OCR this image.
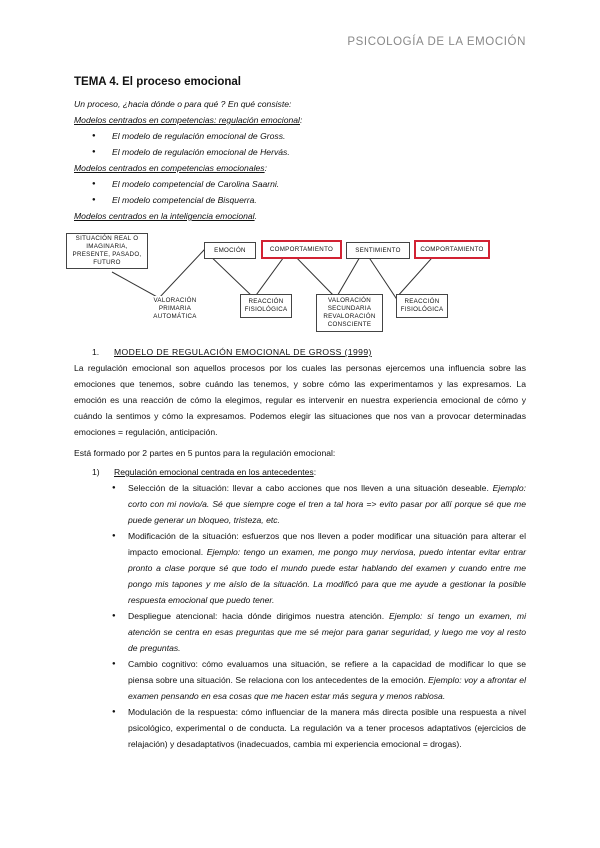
PSICOLOGÍA DE LA EMOCIÓN
TEMA 4. El proceso emocional
Un proceso, ¿hacia dónde o para qué ? En qué consiste:
Modelos centrados en competencias: regulación emocional:
● El modelo de regulación emocional de Gross.
● El modelo de regulación emocional de Hervás.
Modelos centrados en competencias emocionales:
● El modelo competencial de Carolina Saarni.
● El modelo competencial de Bisquerra.
Modelos centrados en la inteligencia emocional.
SITUACIÓN REAL O IMAGINARIA, PRESENTE, PASADO, FUTURO
EMOCIÓN	COMPORTAMIENTO	SENTIMIENTO	COMPORTAMIENTO
VALORACIÓN PRIMARIA AUTOMÁTICA
REACCIÓN FISIOLÓGICA
VALORACIÓN SECUNDARIA REVALORACIÓN CONSCIENTE
REACCIÓN FISIOLÓGICA
1. MODELO DE REGULACIÓN EMOCIONAL DE GROSS (1999)

La regulación emocional son aquellos procesos por los cuales las personas ejercemos una influencia sobre las emociones que tenemos, sobre cuándo las tenemos, y sobre cómo las experimentamos y las expresamos. La emoción es una reacción de cómo la elegimos, regular es intervenir en nuestra experiencia emocional de cómo y cuándo la sentimos y cómo la expresamos. Podemos elegir las situaciones que nos van a provocar determinadas emociones = regulación, anticipación.

Está formado por 2 partes en 5 puntos para la regulación emocional:
1) Regulación emocional centrada en los antecedentes:
● Selección de la situación: llevar a cabo acciones que nos lleven a una situación deseable. Ejemplo: corto con mi novio/a. Sé que siempre coge el tren a tal hora => evito pasar por allí porque sé que me puede generar un bloqueo, tristeza, etc.
● Modificación de la situación: esfuerzos que nos lleven a poder modificar una situación para alterar el impacto emocional. Ejemplo: tengo un examen, me pongo muy nerviosa, puedo intentar evitar entrar pronto a clase porque sé que todo el mundo puede estar hablando del examen y cuando entre me pongo mis tapones y me aíslo de la situación. La modificó para que me ayude a gestionar la posible respuesta emocional que puedo tener.
● Despliegue atencional: hacia dónde dirigimos nuestra atención. Ejemplo: si tengo un examen, mi atención se centra en esas preguntas que me sé mejor para ganar seguridad, y luego me voy al resto de preguntas.
● Cambio cognitivo: cómo evaluamos una situación, se refiere a la capacidad de modificar lo que se piensa sobre una situación. Se relaciona con los antecedentes de la emoción. Ejemplo: voy a afrontar el examen pensando en esa cosas que me hacen estar más segura y menos rabiosa.
● Modulación de la respuesta: cómo influenciar de la manera más directa posible una respuesta a nivel psicológico, experimental o de conducta. La regulación va a tener procesos adaptativos (ejercicios de relajación) y desadaptativos (inadecuados, cambia mi experiencia emocional = drogas).
